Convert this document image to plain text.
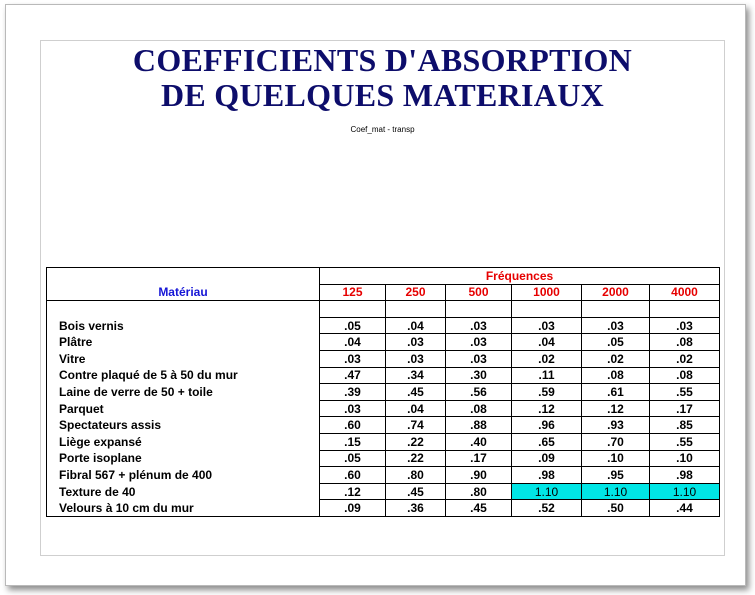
COEFFICIENTS D'ABSORPTION
DE QUELQUES MATERIAUX
Coef_mat - transp
	Fréquences					
Matériau	125	250	500	1000	2000	4000

Bois vernis	.05	.04	.03	.03	.03	.03
Plâtre	.04	.03	.03	.04	.05	.08
Vitre	.03	.03	.03	.02	.02	.02
Contre plaqué de 5 à 50 du mur	.47	.34	.30	.11	.08	.08
Laine de verre de 50 + toile	.39	.45	.56	.59	.61	.55
Parquet	.03	.04	.08	.12	.12	.17
Spectateurs assis	.60	.74	.88	.96	.93	.85
Liège expansé	.15	.22	.40	.65	.70	.55
Porte isoplane	.05	.22	.17	.09	.10	.10
Fibral 567 + plénum de 400	.60	.80	.90	.98	.95	.98
Texture de 40	.12	.45	.80	1.10	1.10	1.10
Velours à 10 cm du mur	.09	.36	.45	.52	.50	.44
